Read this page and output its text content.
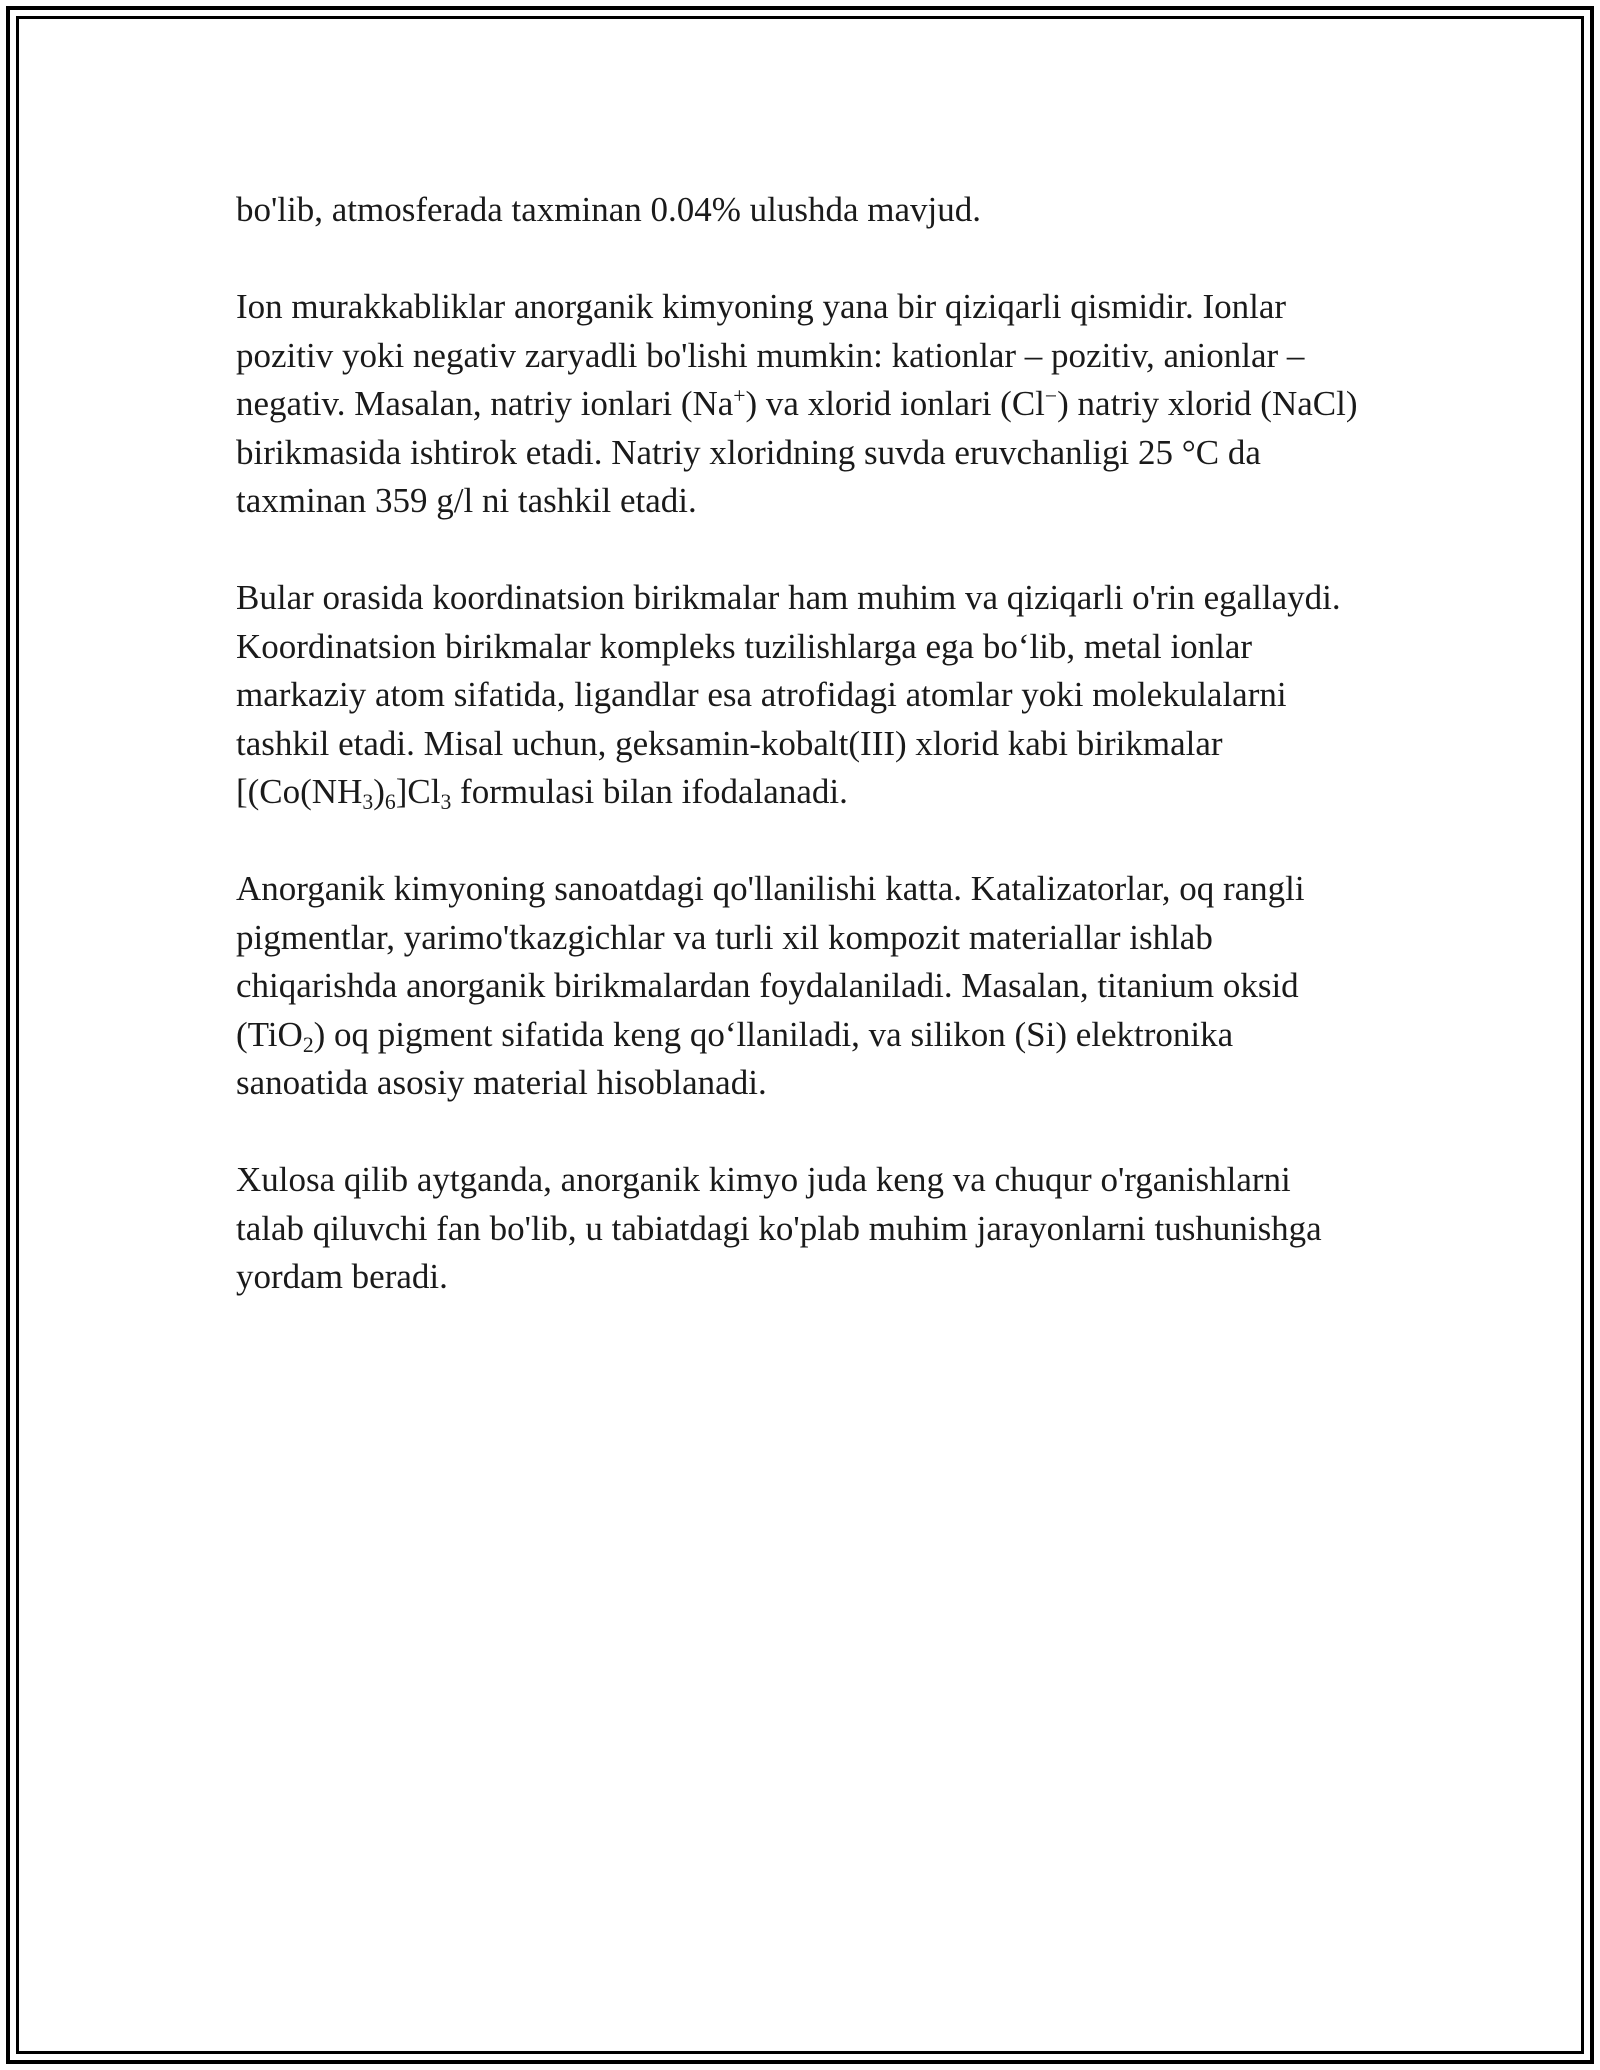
bo'lib, atmosferada taxminan 0.04% ulushda mavjud.

Ion murakkabliklar anorganik kimyoning yana bir qiziqarli qismidir. Ionlar pozitiv yoki negativ zaryadli bo'lishi mumkin: kationlar – pozitiv, anionlar – negativ. Masalan, natriy ionlari (Na+) va xlorid ionlari (Cl−) natriy xlorid (NaCl) birikmasida ishtirok etadi. Natriy xloridning suvda eruvchanligi 25 °C da taxminan 359 g/l ni tashkil etadi.

Bular orasida koordinatsion birikmalar ham muhim va qiziqarli o'rin egallaydi. Koordinatsion birikmalar kompleks tuzilishlarga ega bo‘lib, metal ionlar markaziy atom sifatida, ligandlar esa atrofidagi atomlar yoki molekulalarni tashkil etadi. Misal uchun, geksamin-kobalt(III) xlorid kabi birikmalar [$(Co(NH_3)_6]Cl_3$ formulasi bilan ifodalanadi.

Anorganik kimyoning sanoatdagi qo'llanilishi katta. Katalizatorlar, oq rangli pigmentlar, yarimo'tkazgichlar va turli xil kompozit materiallar ishlab chiqarishda anorganik birikmalardan foydalaniladi. Masalan, titanium oksid (TiO$_2$) oq pigment sifatida keng qo‘llaniladi, va silikon (Si) elektronika sanoatida asosiy material hisoblanadi.

Xulosa qilib aytganda, anorganik kimyo juda keng va chuqur o'rganishlarni talab qiluvchi fan bo'lib, u tabiatdagi ko'plab muhim jarayonlarni tushunishga yordam beradi.
